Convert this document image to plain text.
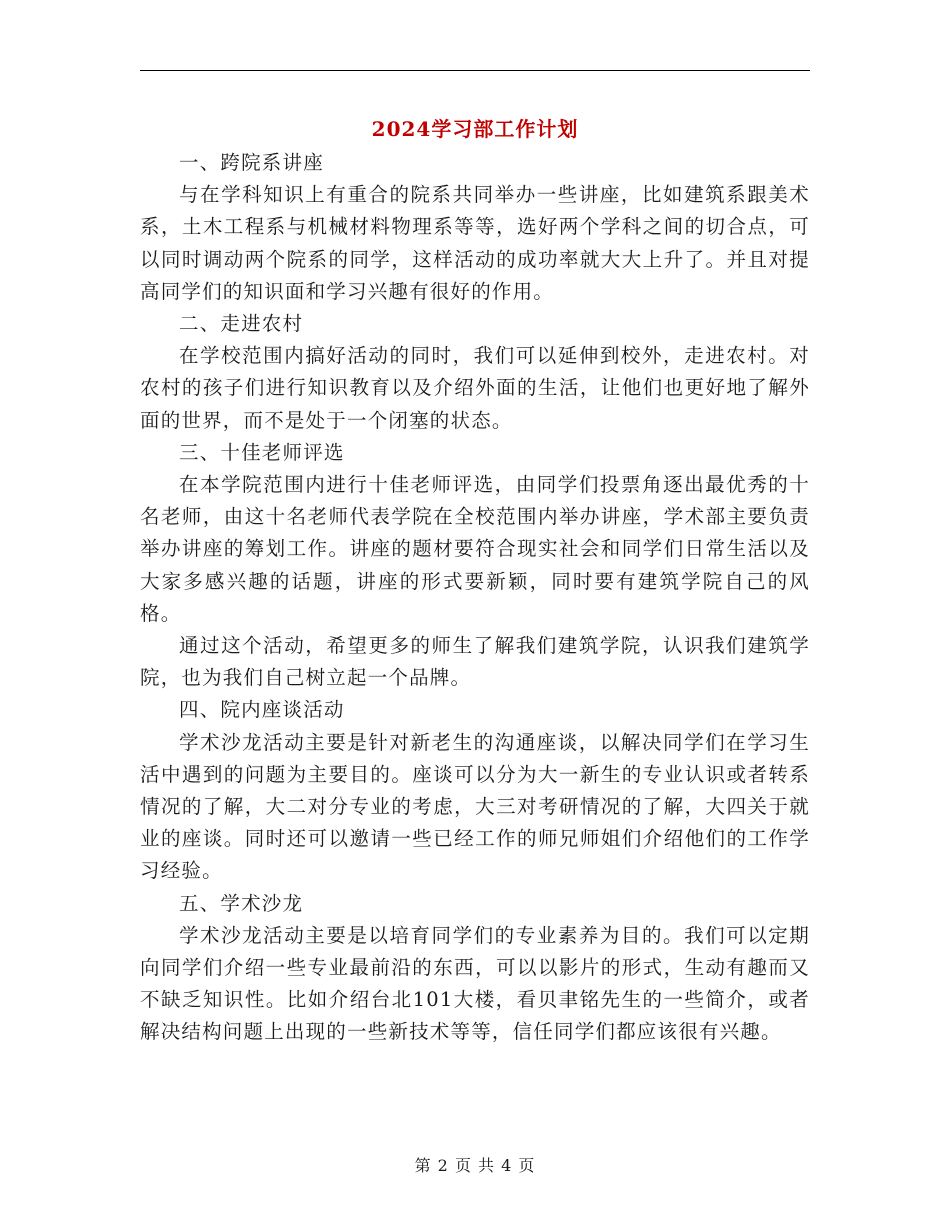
2024学习部工作计划

一、跨院系讲座

与在学科知识上有重合的院系共同举办一些讲座，比如建筑系跟美术系，土木工程系与机械材料物理系等等，选好两个学科之间的切合点，可以同时调动两个院系的同学，这样活动的成功率就大大上升了。并且对提高同学们的知识面和学习兴趣有很好的作用。

二、走进农村

在学校范围内搞好活动的同时，我们可以延伸到校外，走进农村。对农村的孩子们进行知识教育以及介绍外面的生活，让他们也更好地了解外面的世界，而不是处于一个闭塞的状态。

三、十佳老师评选

在本学院范围内进行十佳老师评选，由同学们投票角逐出最优秀的十名老师，由这十名老师代表学院在全校范围内举办讲座，学术部主要负责举办讲座的筹划工作。讲座的题材要符合现实社会和同学们日常生活以及大家多感兴趣的话题，讲座的形式要新颖，同时要有建筑学院自己的风格。

通过这个活动，希望更多的师生了解我们建筑学院，认识我们建筑学院，也为我们自己树立起一个品牌。

四、院内座谈活动

学术沙龙活动主要是针对新老生的沟通座谈，以解决同学们在学习生活中遇到的问题为主要目的。座谈可以分为大一新生的专业认识或者转系情况的了解，大二对分专业的考虑，大三对考研情况的了解，大四关于就业的座谈。同时还可以邀请一些已经工作的师兄师姐们介绍他们的工作学习经验。

五、学术沙龙

学术沙龙活动主要是以培育同学们的专业素养为目的。我们可以定期向同学们介绍一些专业最前沿的东西，可以以影片的形式，生动有趣而又不缺乏知识性。比如介绍台北101大楼，看贝聿铭先生的一些简介，或者解决结构问题上出现的一些新技术等等，信任同学们都应该很有兴趣。

第 2 页 共 4 页
